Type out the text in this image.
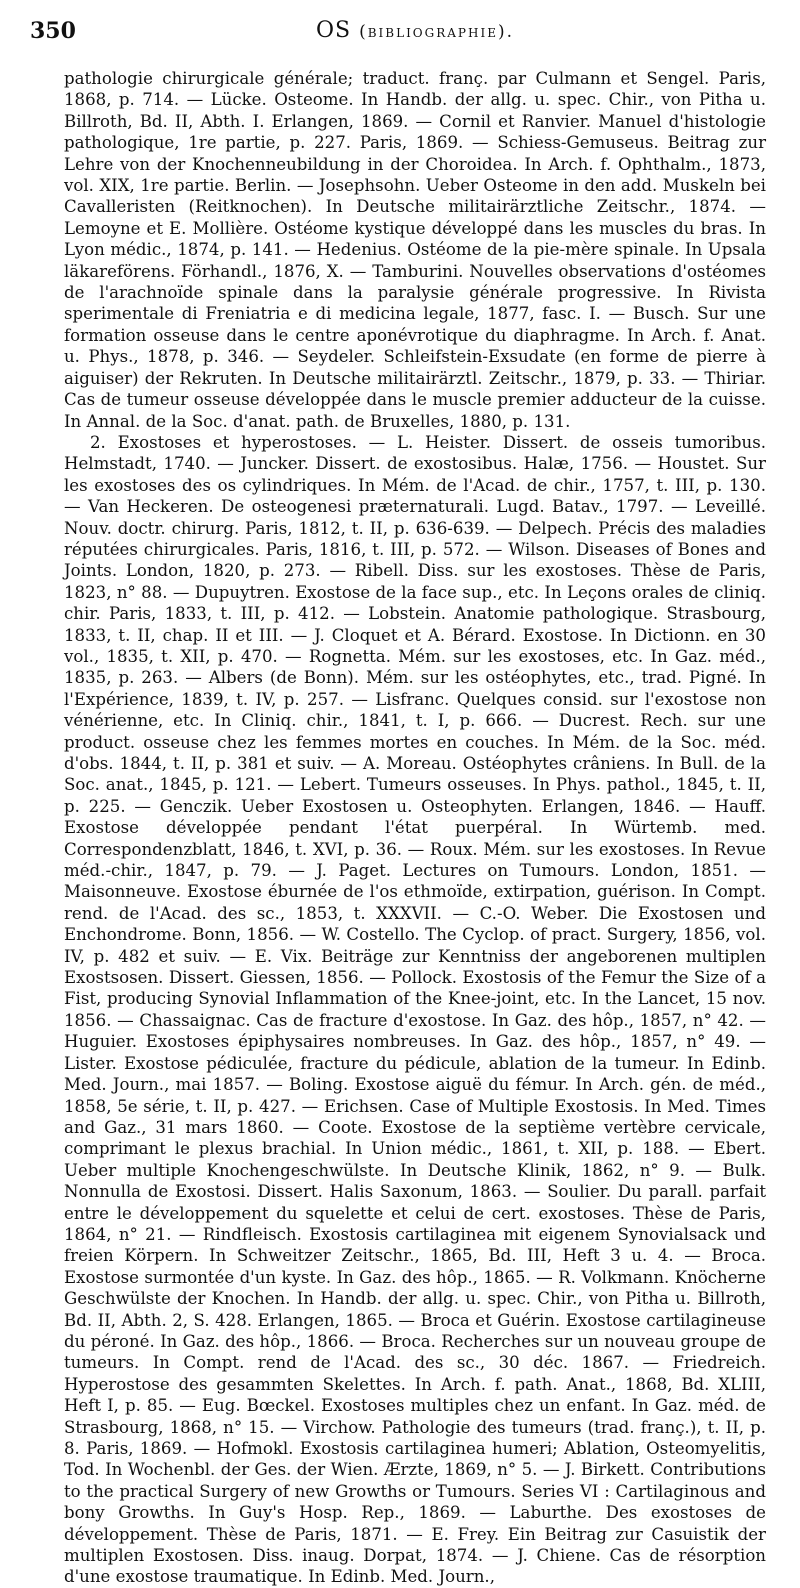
350	OS (bibliographie).

pathologie chirurgicale générale; traduct. franç. par Culmann et Sengel. Paris, 1868, p. 714. — Lücke. Osteome. In Handb. der allg. u. spec. Chir., von Pitha u. Billroth, Bd. II, Abth. I. Erlangen, 1869. — Cornil et Ranvier. Manuel d'histologie pathologique, 1re partie, p. 227. Paris, 1869. — Schiess-Gemuseus. Beitrag zur Lehre von der Knochenneubildung in der Choroidea. In Arch. f. Ophthalm., 1873, vol. XIX, 1re partie. Berlin. — Josephsohn. Ueber Osteome in den add. Muskeln bei Cavalleristen (Reitknochen). In Deutsche militairärztliche Zeitschr., 1874. — Lemoyne et E. Mollière. Ostéome kystique développé dans les muscles du bras. In Lyon médic., 1874, p. 141. — Hedenius. Ostéome de la pie-mère spinale. In Upsala läkareförens. Förhandl., 1876, X. — Tamburini. Nouvelles observations d'ostéomes de l'arachnoïde spinale dans la paralysie générale progressive. In Rivista sperimentale di Freniatria e di medicina legale, 1877, fasc. I. — Busch. Sur une formation osseuse dans le centre aponévrotique du diaphragme. In Arch. f. Anat. u. Phys., 1878, p. 346. — Seydeler. Schleifstein-Exsudate (en forme de pierre à aiguiser) der Rekruten. In Deutsche militairärztl. Zeitschr., 1879, p. 33. — Thiriar. Cas de tumeur osseuse développée dans le muscle premier adducteur de la cuisse. In Annal. de la Soc. d'anat. path. de Bruxelles, 1880, p. 131.

2. Exostoses et hyperostoses. — L. Heister. Dissert. de osseis tumoribus. Helmstadt, 1740. — Juncker. Dissert. de exostosibus. Halæ, 1756. — Houstet. Sur les exostoses des os cylindriques. In Mém. de l'Acad. de chir., 1757, t. III, p. 130. — Van Heckeren. De osteogenesi præternaturali. Lugd. Batav., 1797. — Leveillé. Nouv. doctr. chirurg. Paris, 1812, t. II, p. 636-639. — Delpech. Précis des maladies réputées chirurgicales. Paris, 1816, t. III, p. 572. — Wilson. Diseases of Bones and Joints. London, 1820, p. 273. — Ribell. Diss. sur les exostoses. Thèse de Paris, 1823, n° 88. — Dupuytren. Exostose de la face sup., etc. In Leçons orales de cliniq. chir. Paris, 1833, t. III, p. 412. — Lobstein. Anatomie pathologique. Strasbourg, 1833, t. II, chap. II et III. — J. Cloquet et A. Bérard. Exostose. In Dictionn. en 30 vol., 1835, t. XII, p. 470. — Rognetta. Mém. sur les exostoses, etc. In Gaz. méd., 1835, p. 263. — Albers (de Bonn). Mém. sur les ostéophytes, etc., trad. Pigné. In l'Expérience, 1839, t. IV, p. 257. — Lisfranc. Quelques consid. sur l'exostose non vénérienne, etc. In Cliniq. chir., 1841, t. I, p. 666. — Ducrest. Rech. sur une product. osseuse chez les femmes mortes en couches. In Mém. de la Soc. méd. d'obs. 1844, t. II, p. 381 et suiv. — A. Moreau. Ostéophytes crâniens. In Bull. de la Soc. anat., 1845, p. 121. — Lebert. Tumeurs osseuses. In Phys. pathol., 1845, t. II, p. 225. — Genczik. Ueber Exostosen u. Osteophyten. Erlangen, 1846. — Hauff. Exostose développée pendant l'état puerpéral. In Würtemb. med. Correspondenzblatt, 1846, t. XVI, p. 36. — Roux. Mém. sur les exostoses. In Revue méd.-chir., 1847, p. 79. — J. Paget. Lectures on Tumours. London, 1851. — Maisonneuve. Exostose éburnée de l'os ethmoïde, extirpation, guérison. In Compt. rend. de l'Acad. des sc., 1853, t. XXXVII. — C.-O. Weber. Die Exostosen und Enchondrome. Bonn, 1856. — W. Costello. The Cyclop. of pract. Surgery, 1856, vol. IV, p. 482 et suiv. — E. Vix. Beiträge zur Kenntniss der angeborenen multiplen Exostsosen. Dissert. Giessen, 1856. — Pollock. Exostosis of the Femur the Size of a Fist, producing Synovial Inflammation of the Knee-joint, etc. In the Lancet, 15 nov. 1856. — Chassaignac. Cas de fracture d'exostose. In Gaz. des hôp., 1857, n° 42. — Huguier. Exostoses épiphysaires nombreuses. In Gaz. des hôp., 1857, n° 49. — Lister. Exostose pédiculée, fracture du pédicule, ablation de la tumeur. In Edinb. Med. Journ., mai 1857. — Boling. Exostose aiguë du fémur. In Arch. gén. de méd., 1858, 5e série, t. II, p. 427. — Erichsen. Case of Multiple Exostosis. In Med. Times and Gaz., 31 mars 1860. — Coote. Exostose de la septième vertèbre cervicale, comprimant le plexus brachial. In Union médic., 1861, t. XII, p. 188. — Ebert. Ueber multiple Knochengeschwülste. In Deutsche Klinik, 1862, n° 9. — Bulk. Nonnulla de Exostosi. Dissert. Halis Saxonum, 1863. — Soulier. Du parall. parfait entre le développement du squelette et celui de cert. exostoses. Thèse de Paris, 1864, n° 21. — Rindfleisch. Exostosis cartilaginea mit eigenem Synovialsack und freien Körpern. In Schweitzer Zeitschr., 1865, Bd. III, Heft 3 u. 4. — Broca. Exostose surmontée d'un kyste. In Gaz. des hôp., 1865. — R. Volkmann. Knöcherne Geschwülste der Knochen. In Handb. der allg. u. spec. Chir., von Pitha u. Billroth, Bd. II, Abth. 2, S. 428. Erlangen, 1865. — Broca et Guérin. Exostose cartilagineuse du péroné. In Gaz. des hôp., 1866. — Broca. Recherches sur un nouveau groupe de tumeurs. In Compt. rend de l'Acad. des sc., 30 déc. 1867. — Friedreich. Hyperostose des gesammten Skelettes. In Arch. f. path. Anat., 1868, Bd. XLIII, Heft I, p. 85. — Eug. Bœckel. Exostoses multiples chez un enfant. In Gaz. méd. de Strasbourg, 1868, n° 15. — Virchow. Pathologie des tumeurs (trad. franç.), t. II, p. 8. Paris, 1869. — Hofmokl. Exostosis cartilaginea humeri; Ablation, Osteomyelitis, Tod. In Wochenbl. der Ges. der Wien. Ærzte, 1869, n° 5. — J. Birkett. Contributions to the practical Surgery of new Growths or Tumours. Series VI : Cartilaginous and bony Growths. In Guy's Hosp. Rep., 1869. — Laburthe. Des exostoses de développement. Thèse de Paris, 1871. — E. Frey. Ein Beitrag zur Casuistik der multiplen Exostosen. Diss. inaug. Dorpat, 1874. — J. Chiene. Cas de résorption d'une exostose traumatique. In Edinb. Med. Journ.,
